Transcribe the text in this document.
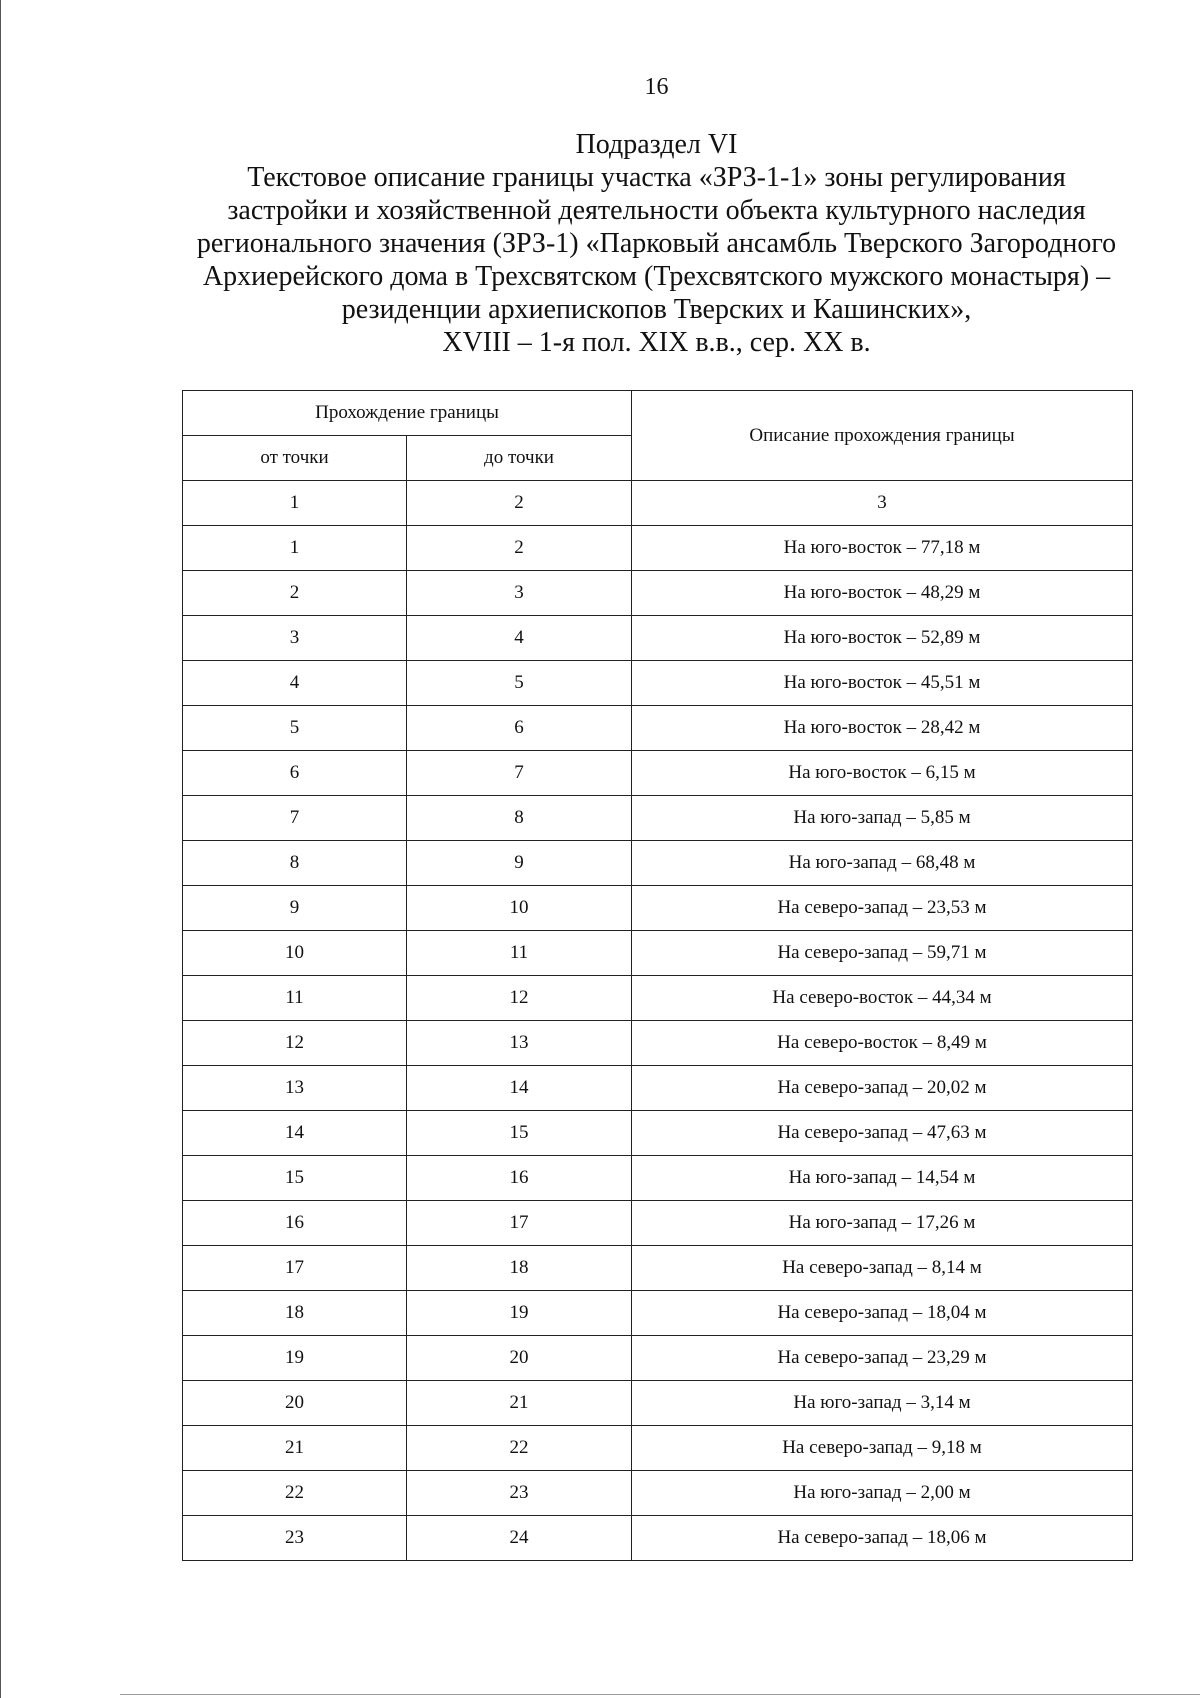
16
Подраздел VI
Текстовое описание границы участка «ЗРЗ-1-1» зоны регулирования
застройки и хозяйственной деятельности объекта культурного наследия
регионального значения (ЗРЗ-1) «Парковый ансамбль Тверского Загородного
Архиерейского дома в Трехсвятском (Трехсвятского мужского монастыря) –
резиденции архиепископов Тверских и Кашинских»,
XVIII – 1-я пол. XIX в.в., сер. XX в.
Прохождение границы		Описание прохождения границы
от точки	до точки	
1	2	3
1	2	На юго-восток – 77,18 м
2	3	На юго-восток – 48,29 м
3	4	На юго-восток – 52,89 м
4	5	На юго-восток – 45,51 м
5	6	На юго-восток – 28,42 м
6	7	На юго-восток – 6,15 м
7	8	На юго-запад – 5,85 м
8	9	На юго-запад – 68,48 м
9	10	На северо-запад – 23,53 м
10	11	На северо-запад – 59,71 м
11	12	На северо-восток – 44,34 м
12	13	На северо-восток – 8,49 м
13	14	На северо-запад – 20,02 м
14	15	На северо-запад – 47,63 м
15	16	На юго-запад – 14,54 м
16	17	На юго-запад – 17,26 м
17	18	На северо-запад – 8,14 м
18	19	На северо-запад – 18,04 м
19	20	На северо-запад – 23,29 м
20	21	На юго-запад – 3,14 м
21	22	На северо-запад – 9,18 м
22	23	На юго-запад – 2,00 м
23	24	На северо-запад – 18,06 м
